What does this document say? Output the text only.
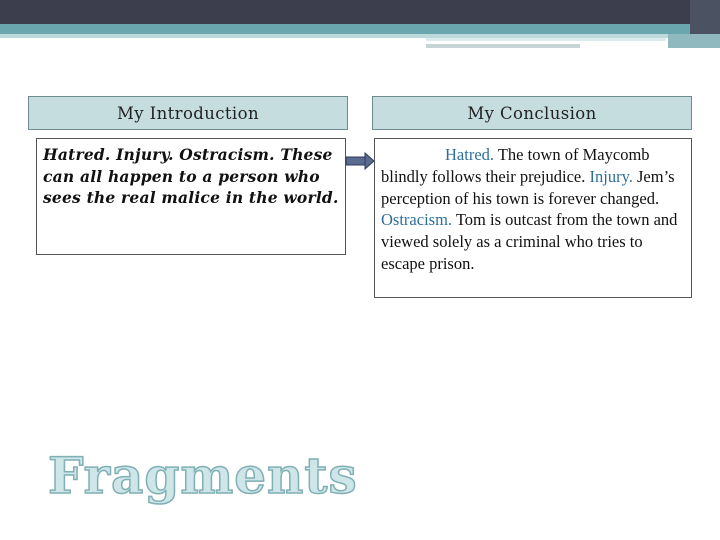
My Introduction	My Conclusion
Hatred. Injury. Ostracism. These can all happen to a person who sees the real malice in the world.
Hatred. The town of Maycomb blindly follows their prejudice. Injury. Jem’s perception of his town is forever changed. Ostracism. Tom is outcast from the town and viewed solely as a criminal who tries to escape prison.
Fragments
